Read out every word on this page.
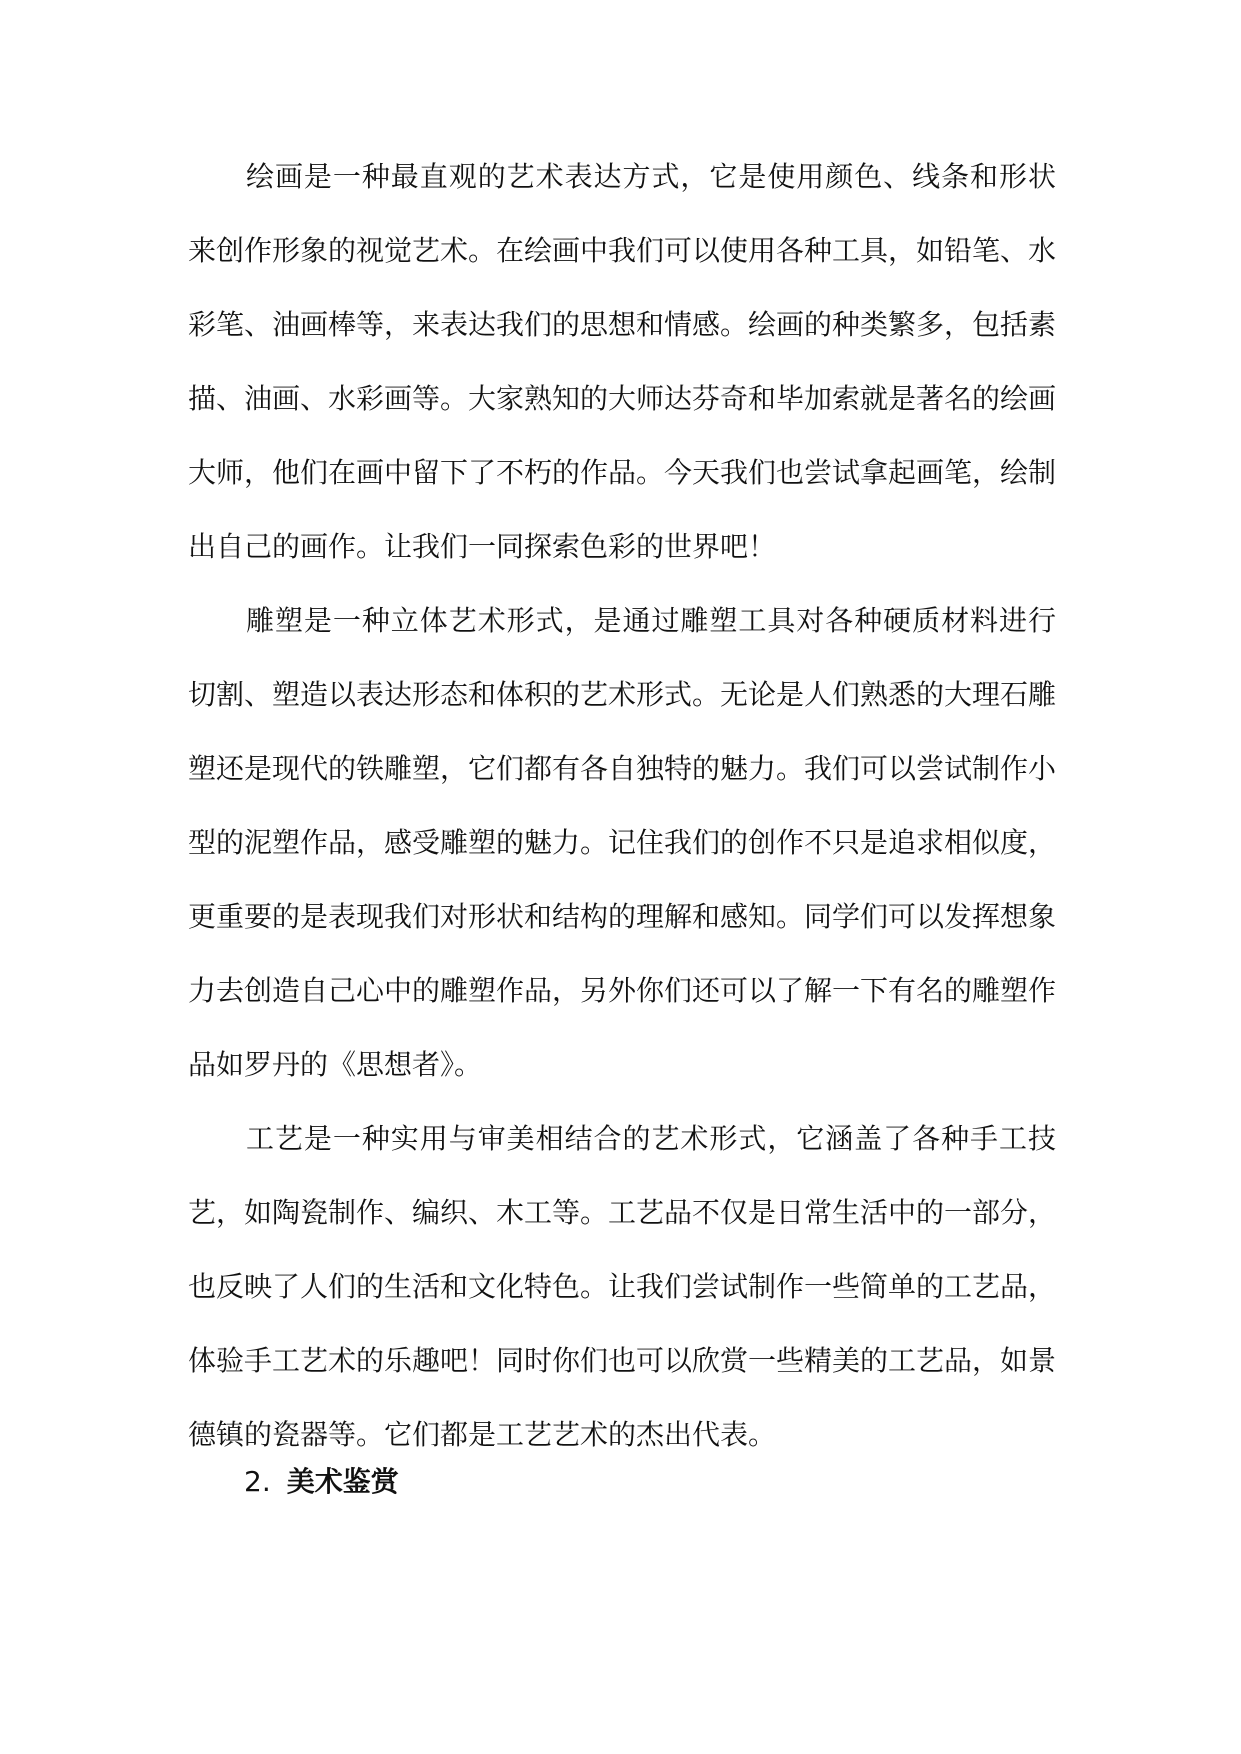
绘画是一种最直观的艺术表达方式，它是使用颜色、线条和形状来创作形象的视觉艺术。在绘画中我们可以使用各种工具，如铅笔、水彩笔、油画棒等，来表达我们的思想和情感。绘画的种类繁多，包括素描、油画、水彩画等。大家熟知的大师达芬奇和毕加索就是著名的绘画大师，他们在画中留下了不朽的作品。今天我们也尝试拿起画笔，绘制出自己的画作。让我们一同探索色彩的世界吧！

雕塑是一种立体艺术形式，是通过雕塑工具对各种硬质材料进行切割、塑造以表达形态和体积的艺术形式。无论是人们熟悉的大理石雕塑还是现代的铁雕塑，它们都有各自独特的魅力。我们可以尝试制作小型的泥塑作品，感受雕塑的魅力。记住我们的创作不只是追求相似度，更重要的是表现我们对形状和结构的理解和感知。同学们可以发挥想象力去创造自己心中的雕塑作品，另外你们还可以了解一下有名的雕塑作品如罗丹的《思想者》。

工艺是一种实用与审美相结合的艺术形式，它涵盖了各种手工技艺，如陶瓷制作、编织、木工等。工艺品不仅是日常生活中的一部分，也反映了人们的生活和文化特色。让我们尝试制作一些简单的工艺品，体验手工艺术的乐趣吧！同时你们也可以欣赏一些精美的工艺品，如景德镇的瓷器等。它们都是工艺艺术的杰出代表。

2. 美术鉴赏
